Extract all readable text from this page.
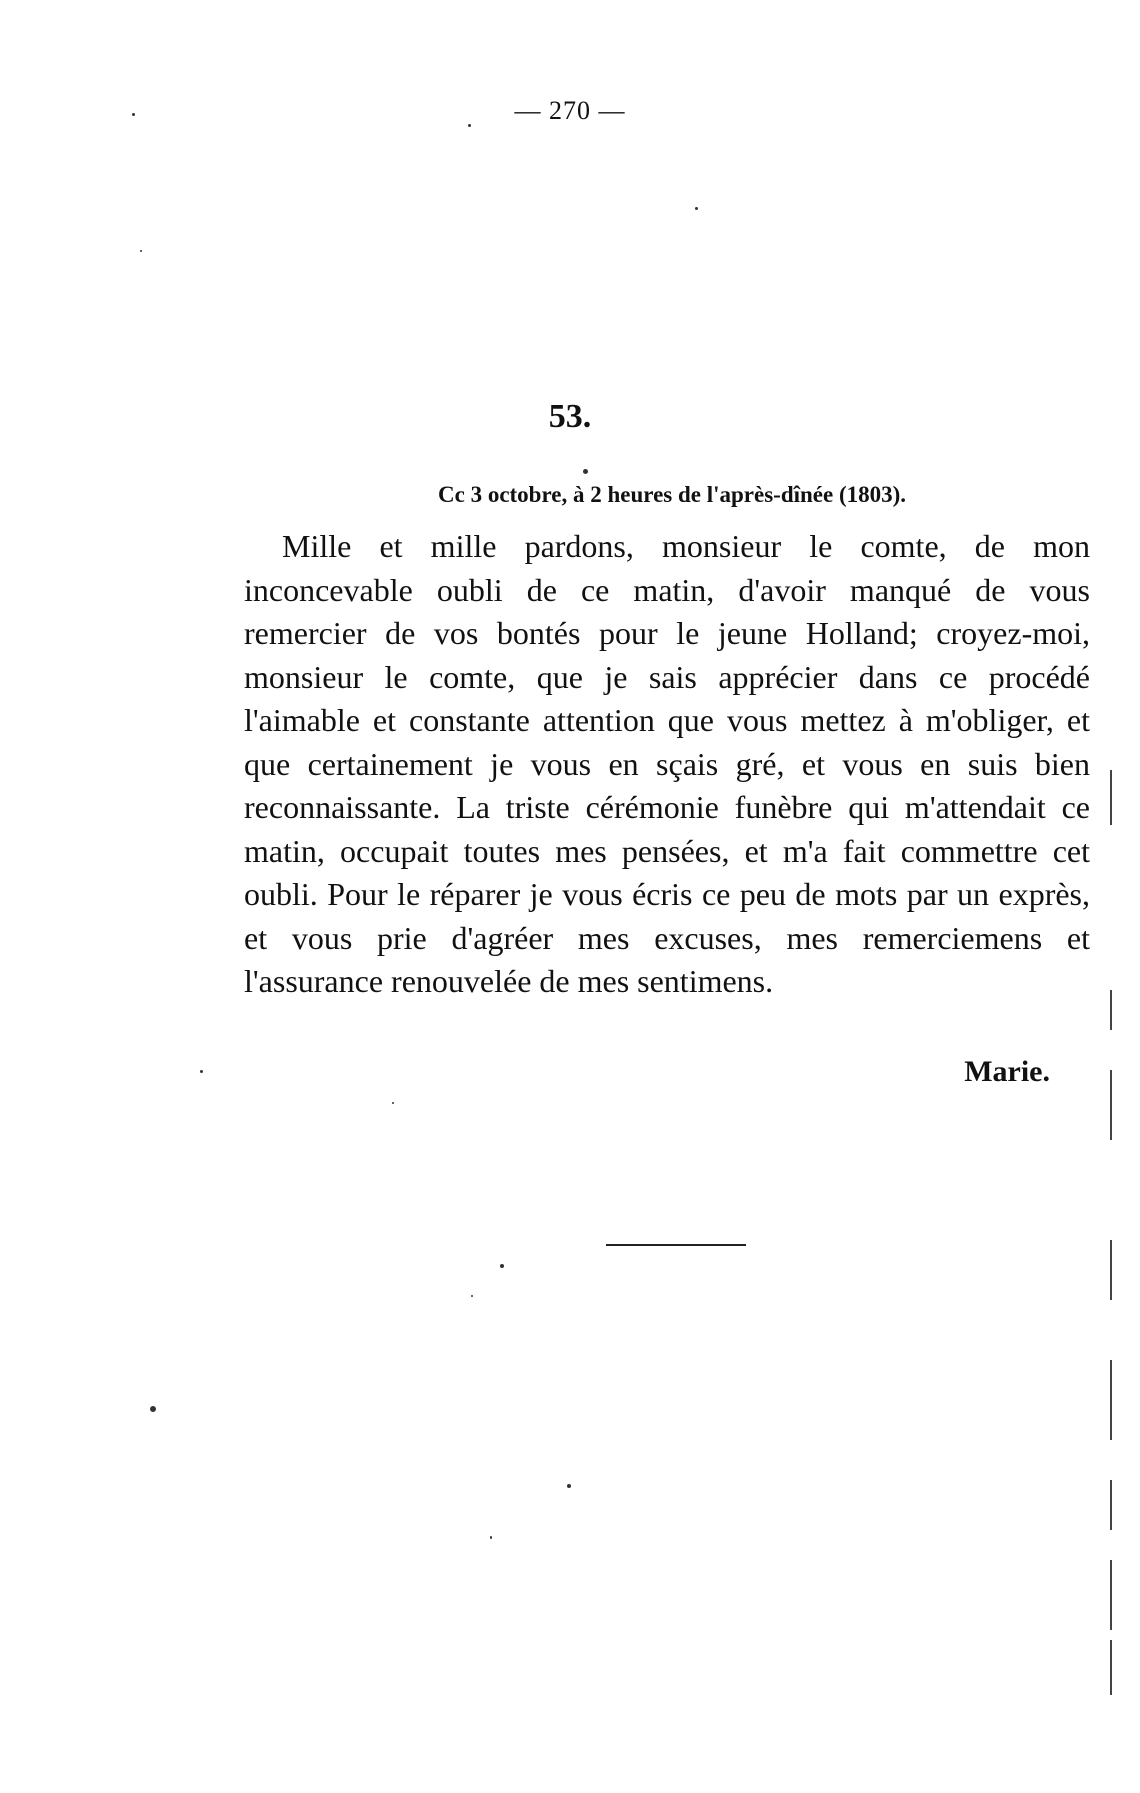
— 270 —
53.
Cc 3 octobre, à 2 heures de l'après-dînée (1803).

Mille et mille pardons, monsieur le comte, de mon inconcevable oubli de ce matin, d'avoir manqué de vous remercier de vos bontés pour le jeune Holland; croyez-moi, monsieur le comte, que je sais apprécier dans ce procédé l'aimable et constante attention que vous mettez à m'obliger, et que certainement je vous en sçais gré, et vous en suis bien reconnaissante. La triste cérémonie funèbre qui m'attendait ce matin, occupait toutes mes pensées, et m'a fait commettre cet oubli. Pour le réparer je vous écris ce peu de mots par un exprès, et vous prie d'agréer mes excuses, mes remerciemens et l'assurance renouvelée de mes sentimens.

Marie.
